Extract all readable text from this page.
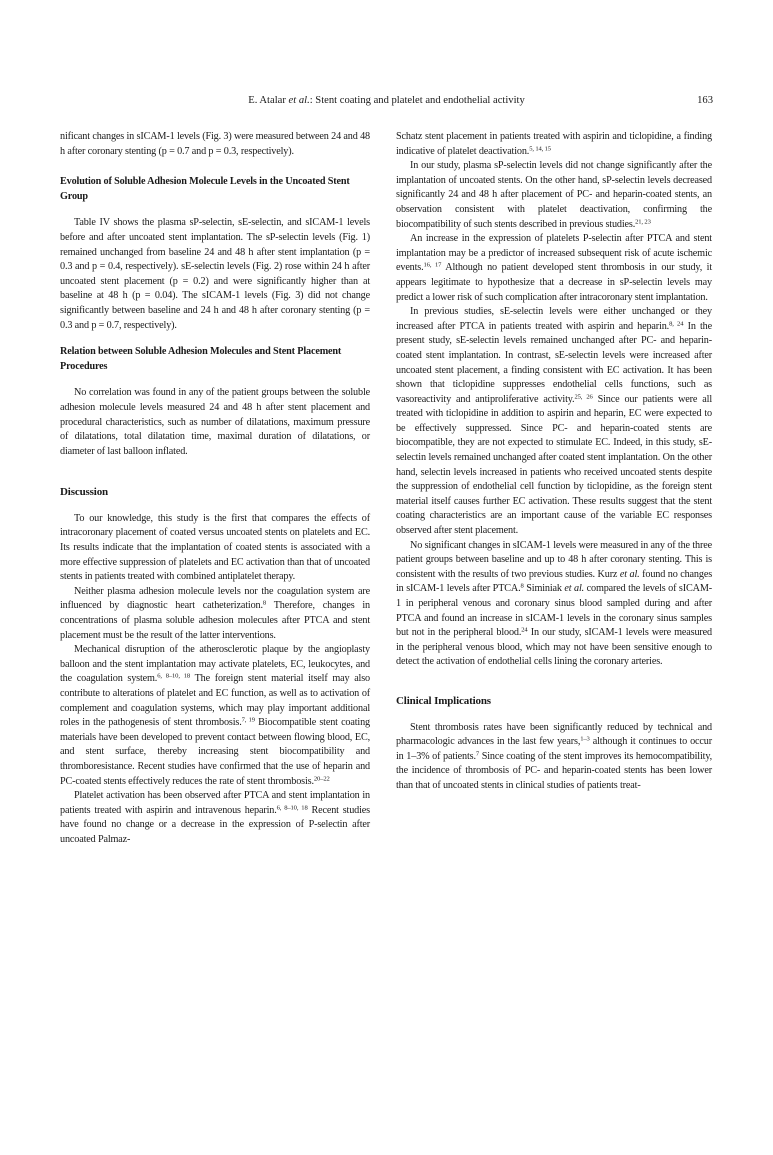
E. Atalar et al.: Stent coating and platelet and endothelial activity	163

nificant changes in sICAM-1 levels (Fig. 3) were measured between 24 and 48 h after coronary stenting (p = 0.7 and p = 0.3, respectively).

Evolution of Soluble Adhesion Molecule Levels in the Uncoated Stent Group

Table IV shows the plasma sP-selectin, sE-selectin, and sICAM-1 levels before and after uncoated stent implantation. The sP-selectin levels (Fig. 1) remained unchanged from baseline 24 and 48 h after stent implantation (p = 0.3 and p = 0.4, respectively). sE-selectin levels (Fig. 2) rose within 24 h after uncoated stent placement (p = 0.2) and were significantly higher than at baseline at 48 h (p = 0.04). The sICAM-1 levels (Fig. 3) did not change significantly between baseline and 24 h and 48 h after coronary stenting (p = 0.3 and p = 0.7, respectively).

Relation between Soluble Adhesion Molecules and Stent Placement Procedures

No correlation was found in any of the patient groups between the soluble adhesion molecule levels measured 24 and 48 h after stent placement and procedural characteristics, such as number of dilatations, maximum pressure of dilatations, total dilatation time, maximal duration of dilatations, or diameter of last balloon inflated.

Discussion

To our knowledge, this study is the first that compares the effects of intracoronary placement of coated versus uncoated stents on platelets and EC. Its results indicate that the implantation of coated stents is associated with a more effective suppression of platelets and EC activation than that of uncoated stents in patients treated with combined antiplatelet therapy.

Neither plasma adhesion molecule levels nor the coagulation system are influenced by diagnostic heart catheterization.$^8$ Therefore, changes in concentrations of plasma soluble adhesion molecules after PTCA and stent placement must be the result of the latter interventions.

Mechanical disruption of the atherosclerotic plaque by the angioplasty balloon and the stent implantation may activate platelets, EC, leukocytes, and the coagulation system.$^{6, 8-10, 18}$ The foreign stent material itself may also contribute to alterations of platelet and EC function, as well as to activation of complement and coagulation systems, which may play important additional roles in the pathogenesis of stent thrombosis.$^{7, 19}$ Biocompatible stent coating materials have been developed to prevent contact between flowing blood, EC, and stent surface, thereby increasing stent biocompatibility and thromboresistance. Recent studies have confirmed that the use of heparin and PC-coated stents effectively reduces the rate of stent thrombosis.$^{20-22}$

Platelet activation has been observed after PTCA and stent implantation in patients treated with aspirin and intravenous heparin.$^{6, 8-10, 18}$ Recent studies have found no change or a decrease in the expression of P-selectin after uncoated Palmaz-

Schatz stent placement in patients treated with aspirin and ticlopidine, a finding indicative of platelet deactivation.$^{5, 14, 15}$

In our study, plasma sP-selectin levels did not change significantly after the implantation of uncoated stents. On the other hand, sP-selectin levels decreased significantly 24 and 48 h after placement of PC- and heparin-coated stents, an observation consistent with platelet deactivation, confirming the biocompatibility of such stents described in previous studies.$^{21, 23}$

An increase in the expression of platelets P-selectin after PTCA and stent implantation may be a predictor of increased subsequent risk of acute ischemic events.$^{16, 17}$ Although no patient developed stent thrombosis in our study, it appears legitimate to hypothesize that a decrease in sP-selectin levels may predict a lower risk of such complication after intracoronary stent implantation.

In previous studies, sE-selectin levels were either unchanged or they increased after PTCA in patients treated with aspirin and heparin.$^{8, 24}$ In the present study, sE-selectin levels remained unchanged after PC- and heparin-coated stent implantation. In contrast, sE-selectin levels were increased after uncoated stent placement, a finding consistent with EC activation. It has been shown that ticlopidine suppresses endothelial cells functions, such as vasoreactivity and antiproliferative activity.$^{25, 26}$ Since our patients were all treated with ticlopidine in addition to aspirin and heparin, EC were expected to be effectively suppressed. Since PC- and heparin-coated stents are biocompatible, they are not expected to stimulate EC. Indeed, in this study, sE-selectin levels remained unchanged after coated stent implantation. On the other hand, selectin levels increased in patients who received uncoated stents despite the suppression of endothelial cell function by ticlopidine, as the foreign stent material itself causes further EC activation. These results suggest that the stent coating characteristics are an important cause of the variable EC responses observed after stent placement.

No significant changes in sICAM-1 levels were measured in any of the three patient groups between baseline and up to 48 h after coronary stenting. This is consistent with the results of two previous studies. Kurz et al. found no changes in sICAM-1 levels after PTCA.$^8$ Siminiak et al. compared the levels of sICAM-1 in peripheral venous and coronary sinus blood sampled during and after PTCA and found an increase in sICAM-1 levels in the coronary sinus samples but not in the peripheral blood.$^{24}$ In our study, sICAM-1 levels were measured in the peripheral venous blood, which may not have been sensitive enough to detect the activation of endothelial cells lining the coronary arteries.

Clinical Implications

Stent thrombosis rates have been significantly reduced by technical and pharmacologic advances in the last few years,$^{1-3}$ although it continues to occur in 1–3% of patients.$^7$ Since coating of the stent improves its hemocompatibility, the incidence of thrombosis of PC- and heparin-coated stents has been lower than that of uncoated stents in clinical studies of patients treat-
